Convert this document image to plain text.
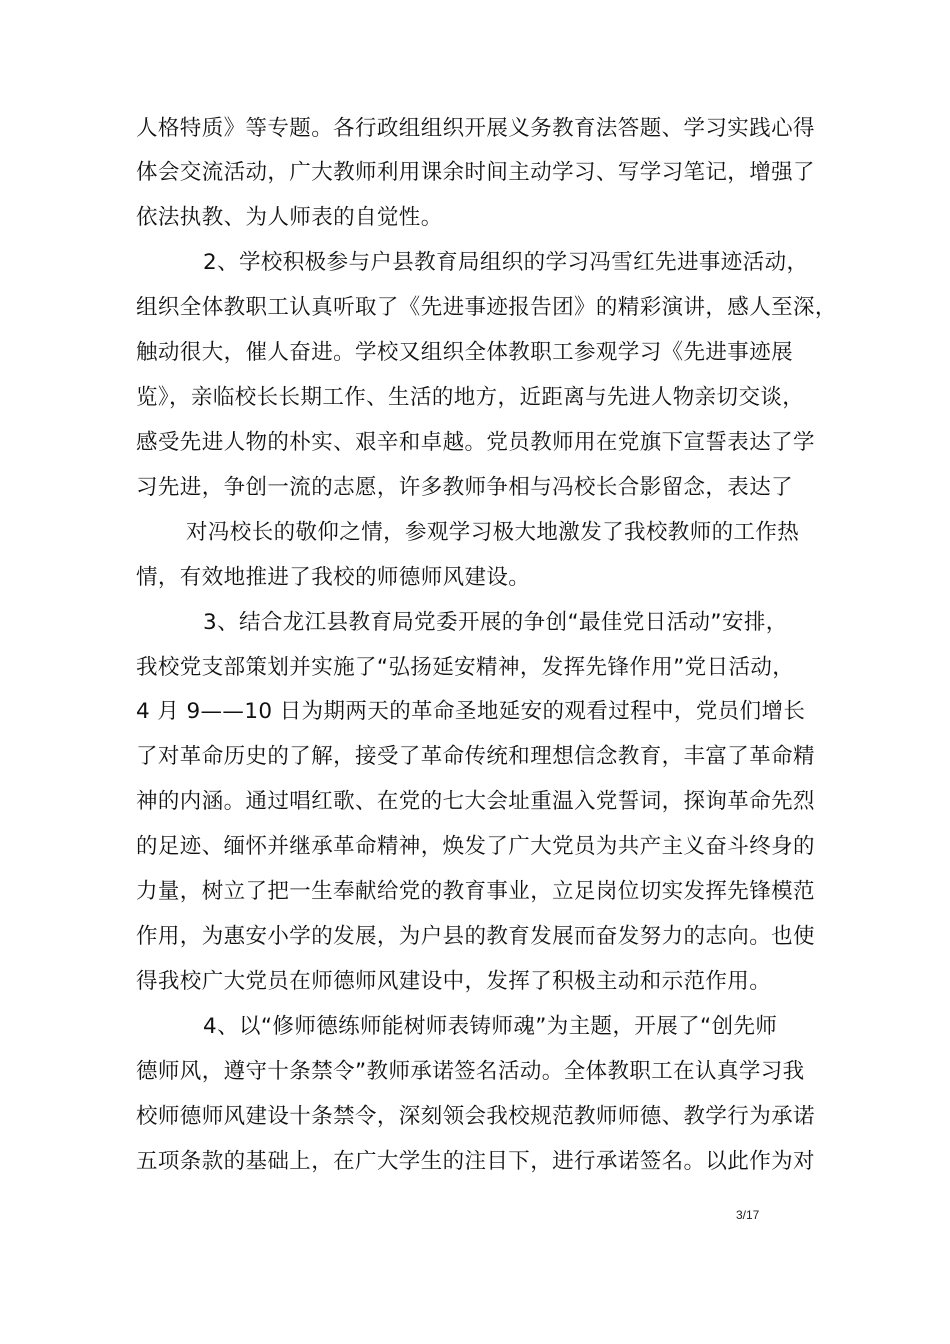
人格特质》等专题。各行政组组织开展义务教育法答题、学习实践心得
体会交流活动，广大教师利用课余时间主动学习、写学习笔记，增强了
依法执教、为人师表的自觉性。
2、学校积极参与户县教育局组织的学习冯雪红先进事迹活动，
组织全体教职工认真听取了《先进事迹报告团》的精彩演讲，感人至深，
触动很大，催人奋进。学校又组织全体教职工参观学习《先进事迹展
览》，亲临校长长期工作、生活的地方，近距离与先进人物亲切交谈，
感受先进人物的朴实、艰辛和卓越。党员教师用在党旗下宣誓表达了学
习先进，争创一流的志愿，许多教师争相与冯校长合影留念，表达了
对冯校长的敬仰之情，参观学习极大地激发了我校教师的工作热
情，有效地推进了我校的师德师风建设。
3、结合龙江县教育局党委开展的争创“最佳党日活动”安排，
我校党支部策划并实施了“弘扬延安精神，发挥先锋作用”党日活动，
4 月 9——10 日为期两天的革命圣地延安的观看过程中，党员们增长
了对革命历史的了解，接受了革命传统和理想信念教育，丰富了革命精
神的内涵。通过唱红歌、在党的七大会址重温入党誓词，探询革命先烈
的足迹、缅怀并继承革命精神，焕发了广大党员为共产主义奋斗终身的
力量，树立了把一生奉献给党的教育事业，立足岗位切实发挥先锋模范
作用，为惠安小学的发展，为户县的教育发展而奋发努力的志向。也使
得我校广大党员在师德师风建设中，发挥了积极主动和示范作用。
4、以“修师德练师能树师表铸师魂”为主题，开展了“创先师
德师风，遵守十条禁令”教师承诺签名活动。全体教职工在认真学习我
校师德师风建设十条禁令，深刻领会我校规范教师师德、教学行为承诺
五项条款的基础上，在广大学生的注目下，进行承诺签名。以此作为对
3/17
